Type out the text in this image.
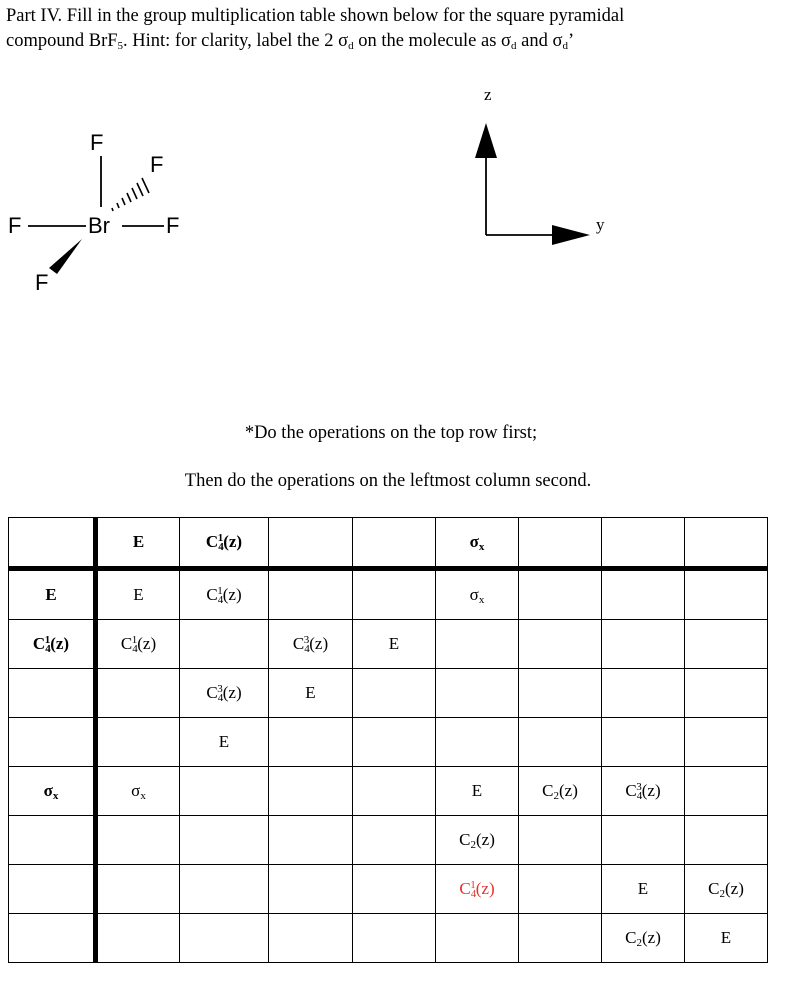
Part IV. Fill in the group multiplication table shown below for the square pyramidal
compound BrF5. Hint: for clarity, label the 2 σd on the molecule as σd and σd’
F
F
F	Br	F
F
z
y
*Do the operations on the top row first;
Then do the operations on the leftmost column second.
	E	$C4^1(z)$			σx			
E	E	$C4^1(z)$			σx			
$C4^1(z)$	$C4^1(z)$		$C4^3(z)$	E				
		$C4^3(z)$	E					
		E						
σx	σx				E	C2(z)	$C4^3(z)$	
					C2(z)			
					$C4^1(z)$		E	C2(z)
							C2(z)	E
